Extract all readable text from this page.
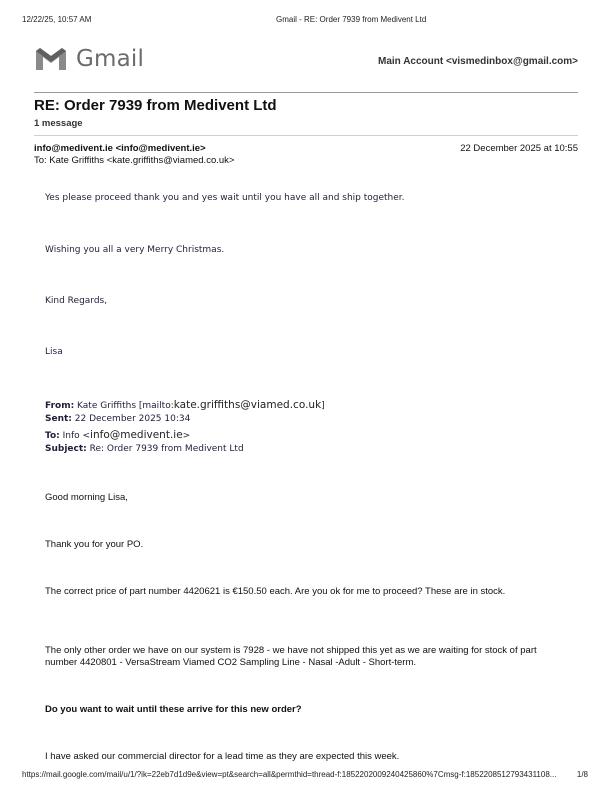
12/22/25, 10:57 AM	Gmail - RE: Order 7939 from Medivent Ltd
Gmail	Main Account <vismedinbox@gmail.com>
RE: Order 7939 from Medivent Ltd
1 message
info@medivent.ie <info@medivent.ie>	22 December 2025 at 10:55
To: Kate Griffiths <kate.griffiths@viamed.co.uk>
Yes please proceed thank you and yes wait until you have all and ship together.
Wishing you all a very Merry Christmas.
Kind Regards,
Lisa
From: Kate Griffiths [mailto:kate.griffiths@viamed.co.uk]
Sent: 22 December 2025 10:34
To: Info <info@medivent.ie>
Subject: Re: Order 7939 from Medivent Ltd
Good morning Lisa,
Thank you for your PO.
The correct price of part number 4420621 is €150.50 each. Are you ok for me to proceed? These are in stock.
The only other order we have on our system is 7928 - we have not shipped this yet as we are waiting for stock of part number 4420801 - VersaStream Viamed CO2 Sampling Line - Nasal -Adult - Short-term.
Do you want to wait until these arrive for this new order?
I have asked our commercial director for a lead time as they are expected this week.
https://mail.google.com/mail/u/1/?ik=22eb7d1d9e&view=pt&search=all&permthid=thread-f:1852202009240425860%7Cmsg-f:1852208512793431108...	1/8
